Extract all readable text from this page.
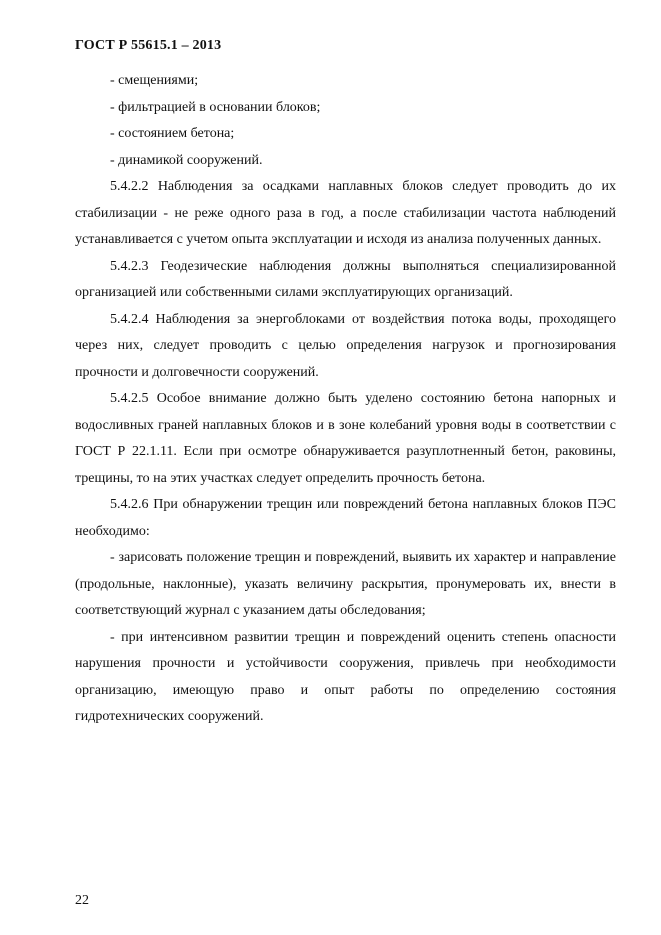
ГОСТ Р 55615.1 – 2013

- смещениями;

- фильтрацией в основании блоков;

- состоянием бетона;

- динамикой сооружений.

5.4.2.2 Наблюдения за осадками наплавных блоков следует проводить до их стабилизации - не реже одного раза в год, а после стабилизации частота наблюдений устанавливается с учетом опыта эксплуатации и исходя из анализа полученных данных.

5.4.2.3 Геодезические наблюдения должны выполняться специализированной организацией или собственными силами эксплуатирующих организаций.

5.4.2.4 Наблюдения за энергоблоками от воздействия потока воды, проходящего через них, следует проводить с целью определения нагрузок и прогнозирования прочности и долговечности сооружений.

5.4.2.5 Особое внимание должно быть уделено состоянию бетона напорных и водосливных граней наплавных блоков и в зоне колебаний уровня воды в соответствии с ГОСТ Р 22.1.11. Если при осмотре обнаруживается разуплотненный бетон, раковины, трещины, то на этих участках следует определить прочность бетона.

5.4.2.6 При обнаружении трещин или повреждений бетона наплавных блоков ПЭС необходимо:

- зарисовать положение трещин и повреждений, выявить их характер и направление (продольные, наклонные), указать величину раскрытия, пронумеровать их, внести в соответствующий журнал с указанием даты обследования;

- при интенсивном развитии трещин и повреждений оценить степень опасности нарушения прочности и устойчивости сооружения, привлечь при необходимости организацию, имеющую право и опыт работы по определению состояния гидротехнических сооружений.

22
